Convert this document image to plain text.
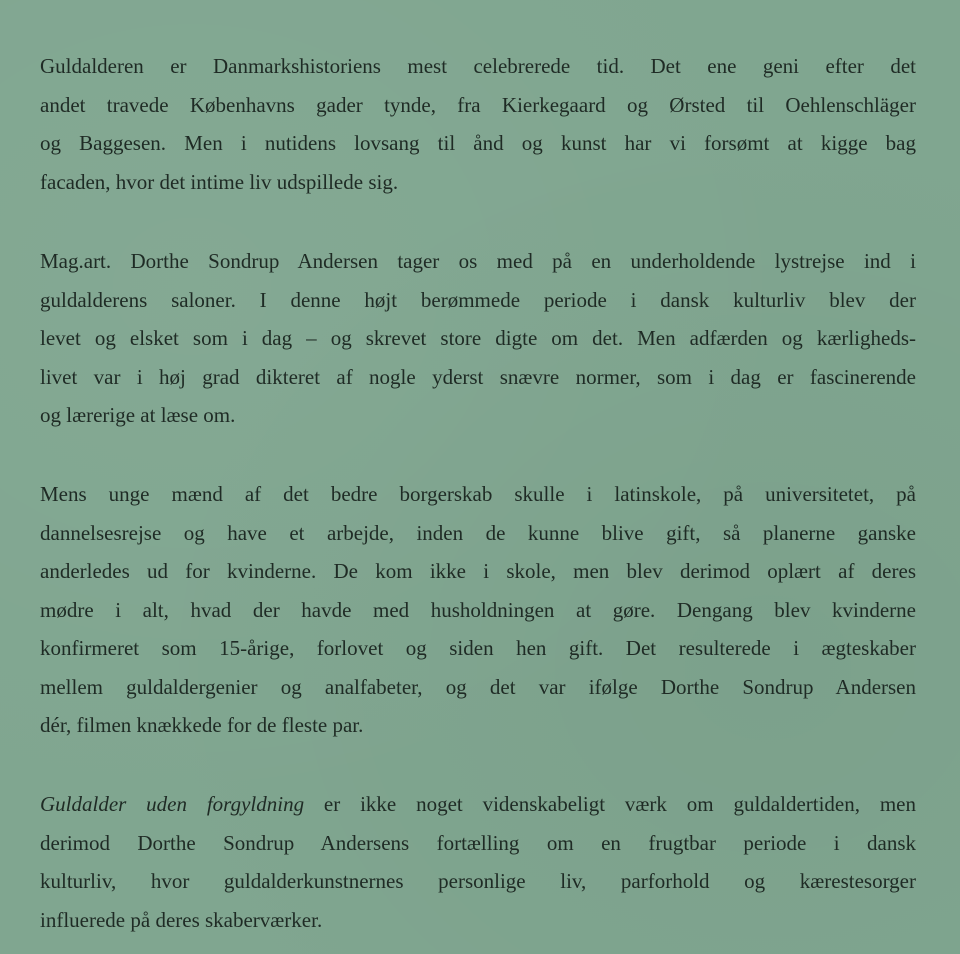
Guldalderen er Danmarkshistoriens mest celebrerede tid. Det ene geni efter det
andet travede Københavns gader tynde, fra Kierkegaard og Ørsted til Oehlenschläger
og Baggesen. Men i nutidens lovsang til ånd og kunst har vi forsømt at kigge bag
facaden, hvor det intime liv udspillede sig.
Mag.art. Dorthe Sondrup Andersen tager os med på en underholdende lystrejse ind i
guldalderens saloner. I denne højt berømmede periode i dansk kulturliv blev der
levet og elsket som i dag – og skrevet store digte om det. Men adfærden og kærligheds-
livet var i høj grad dikteret af nogle yderst snævre normer, som i dag er fascinerende
og lærerige at læse om.
Mens unge mænd af det bedre borgerskab skulle i latinskole, på universitetet, på
dannelsesrejse og have et arbejde, inden de kunne blive gift, så planerne ganske
anderledes ud for kvinderne. De kom ikke i skole, men blev derimod oplært af deres
mødre i alt, hvad der havde med husholdningen at gøre. Dengang blev kvinderne
konfirmeret som 15-årige, forlovet og siden hen gift. Det resulterede i ægteskaber
mellem guldaldergenier og analfabeter, og det var ifølge Dorthe Sondrup Andersen
dér, filmen knækkede for de fleste par.
Guldalder uden forgyldning er ikke noget videnskabeligt værk om guldaldertiden, men
derimod Dorthe Sondrup Andersens fortælling om en frugtbar periode i dansk
kulturliv, hvor guldalderkunstnernes personlige liv, parforhold og kærestesorger
influerede på deres skaberværker.
